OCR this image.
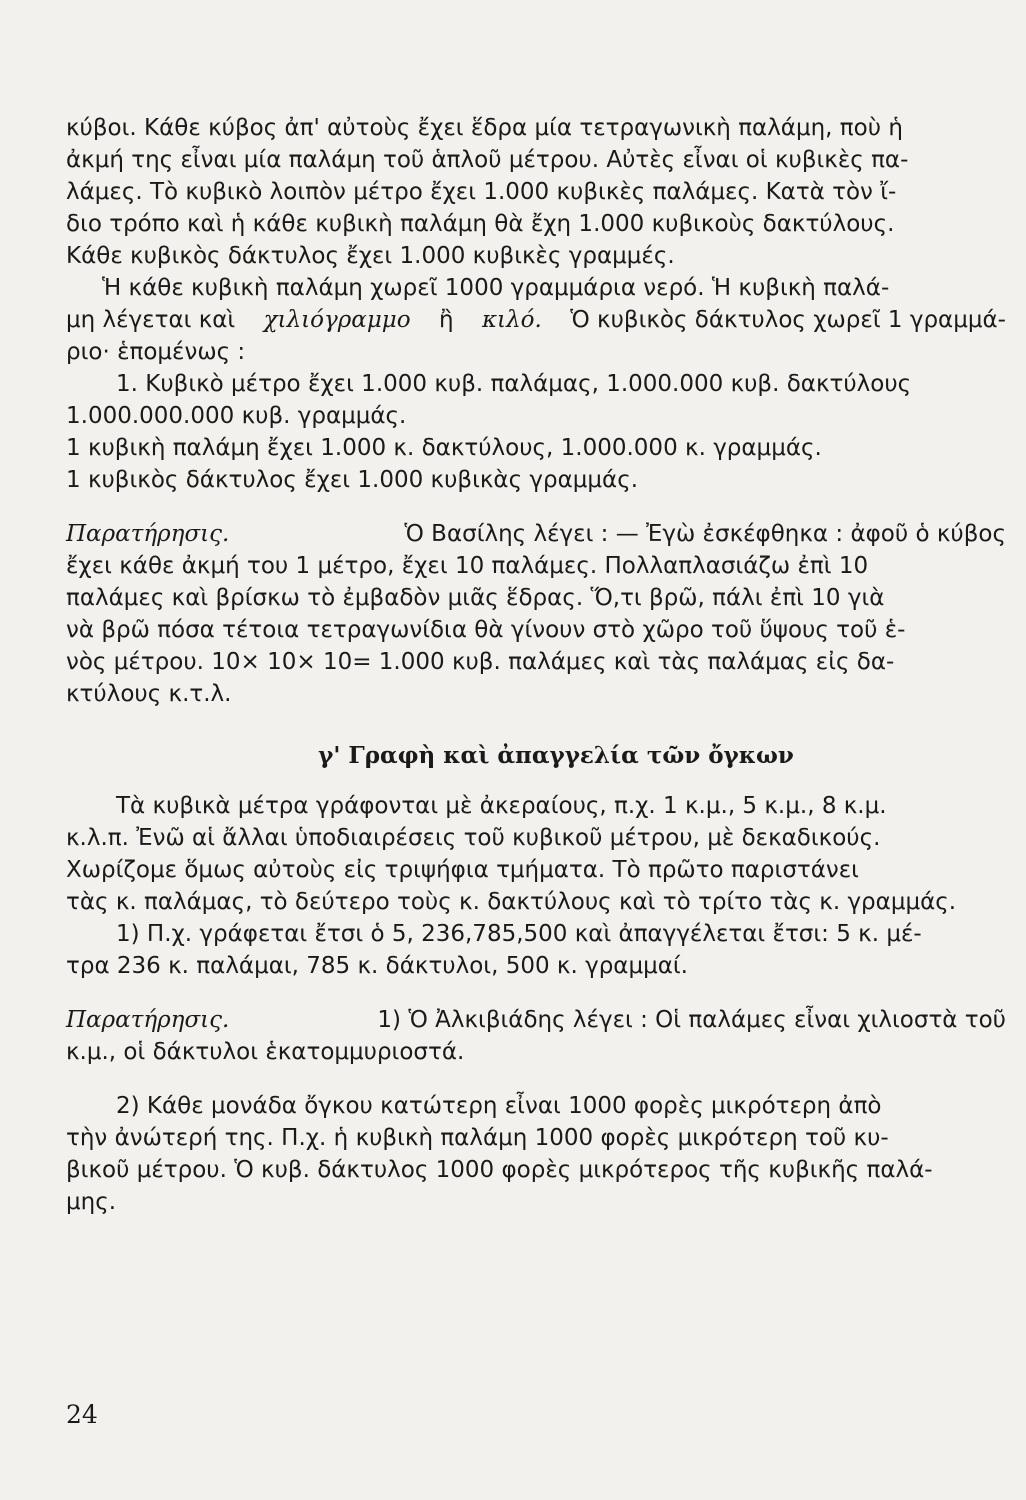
κύβοι. Κάθε κύβος ἀπ' αὐτοὺς ἔχει ἕδρα μία τετραγωνικὴ παλάμη, ποὺ ἡ
ἀκμή της εἶναι μία παλάμη τοῦ ἁπλοῦ μέτρου. Αὐτὲς εἶναι οἱ κυβικὲς πα-
λάμες. Τὸ κυβικὸ λοιπὸν μέτρο ἔχει 1.000 κυβικὲς παλάμες. Κατὰ τὸν ἴ-
διο τρόπο καὶ ἡ κάθε κυβικὴ παλάμη θὰ ἔχη 1.000 κυβικοὺς δακτύλους.
Κάθε κυβικὸς δάκτυλος ἔχει 1.000 κυβικὲς γραμμές.
Ἡ κάθε κυβικὴ παλάμη χωρεῖ 1000 γραμμάρια νερό. Ἡ κυβικὴ παλά-
μη λέγεται καὶ χιλιόγραμμο ἢ κιλό. Ὁ κυβικὸς δάκτυλος χωρεῖ 1 γραμμά-
ριο· ἑπομένως :
1. Κυβικὸ μέτρο ἔχει 1.000 κυβ. παλάμας, 1.000.000 κυβ. δακτύλους
1.000.000.000 κυβ. γραμμάς.
1 κυβικὴ παλάμη ἔχει 1.000 κ. δακτύλους, 1.000.000 κ. γραμμάς.
1 κυβικὸς δάκτυλος ἔχει 1.000 κυβικὰς γραμμάς.
Παρατήρησις.	Ὁ Βασίλης λέγει : — Ἐγὼ ἐσκέφθηκα : ἀφοῦ ὁ κύβος
ἔχει κάθε ἀκμή του 1 μέτρο, ἔχει 10 παλάμες. Πολλαπλασιάζω ἐπὶ 10
παλάμες καὶ βρίσκω τὸ ἐμβαδὸν μιᾶς ἕδρας. Ὅ,τι βρῶ, πάλι ἐπὶ 10 γιὰ
νὰ βρῶ πόσα τέτοια τετραγωνίδια θὰ γίνουν στὸ χῶρο τοῦ ὕψους τοῦ ἑ-
νὸς μέτρου. 10× 10× 10= 1.000 κυβ. παλάμες καὶ τὰς παλάμας εἰς δα-
κτύλους κ.τ.λ.
γ' Γραφὴ καὶ ἀπαγγελία τῶν ὄγκων
Τὰ κυβικὰ μέτρα γράφονται μὲ ἀκεραίους, π.χ. 1 κ.μ., 5 κ.μ., 8 κ.μ.
κ.λ.π. Ἐνῶ αἱ ἄλλαι ὑποδιαιρέσεις τοῦ κυβικοῦ μέτρου, μὲ δεκαδικούς.
Χωρίζομε ὅμως αὐτοὺς εἰς τριψήφια τμήματα. Τὸ πρῶτο παριστάνει
τὰς κ. παλάμας, τὸ δεύτερο τοὺς κ. δακτύλους καὶ τὸ τρίτο τὰς κ. γραμμάς.
1) Π.χ. γράφεται ἔτσι ὁ 5, 236,785,500 καὶ ἀπαγγέλεται ἔτσι: 5 κ. μέ-
τρα 236 κ. παλάμαι, 785 κ. δάκτυλοι, 500 κ. γραμμαί.
Παρατήρησις.	1) Ὁ Ἀλκιβιάδης λέγει : Οἱ παλάμες εἶναι χιλιοστὰ τοῦ
κ.μ., οἱ δάκτυλοι ἑκατομμυριοστά.
2) Κάθε μονάδα ὄγκου κατώτερη εἶναι 1000 φορὲς μικρότερη ἀπὸ
τὴν ἀνώτερή της. Π.χ. ἡ κυβικὴ παλάμη 1000 φορὲς μικρότερη τοῦ κυ-
βικοῦ μέτρου. Ὁ κυβ. δάκτυλος 1000 φορὲς μικρότερος τῆς κυβικῆς παλά-
μης.
24
